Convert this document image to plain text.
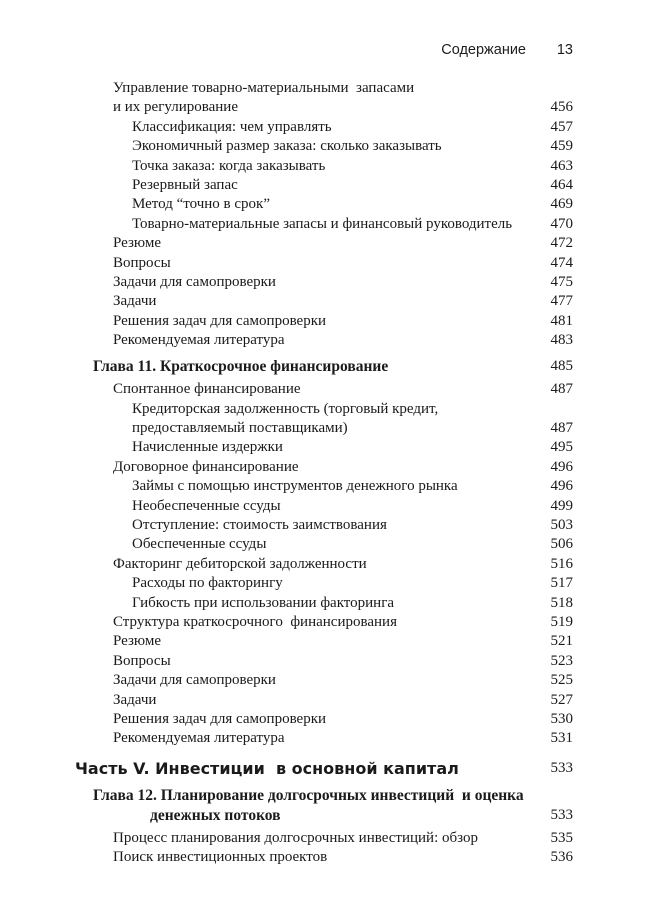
Содержание	13
Управление товарно-материальными  запасами
и их регулирование	456
Классификация: чем управлять	457
Экономичный размер заказа: сколько заказывать	459
Точка заказа: когда заказывать	463
Резервный запас	464
Метод “точно в срок”	469
Товарно-материальные запасы и финансовый руководитель	470
Резюме	472
Вопросы	474
Задачи для самопроверки	475
Задачи	477
Решения задач для самопроверки	481
Рекомендуемая литература	483
Глава 11. Краткосрочное финансирование	485
Спонтанное финансирование	487
Кредиторская задолженность (торговый кредит,
предоставляемый поставщиками)	487
Начисленные издержки	495
Договорное финансирование	496
Займы с помощью инструментов денежного рынка	496
Необеспеченные ссуды	499
Отступление: стоимость заимствования	503
Обеспеченные ссуды	506
Факторинг дебиторской задолженности	516
Расходы по факторингу	517
Гибкость при использовании факторинга	518
Структура краткосрочного  финансирования	519
Резюме	521
Вопросы	523
Задачи для самопроверки	525
Задачи	527
Решения задач для самопроверки	530
Рекомендуемая литература	531
Часть V. Инвестиции  в основной капитал	533
Глава 12. Планирование долгосрочных инвестиций  и оценка
денежных потоков	533
Процесс планирования долгосрочных инвестиций: обзор	535
Поиск инвестиционных проектов	536
